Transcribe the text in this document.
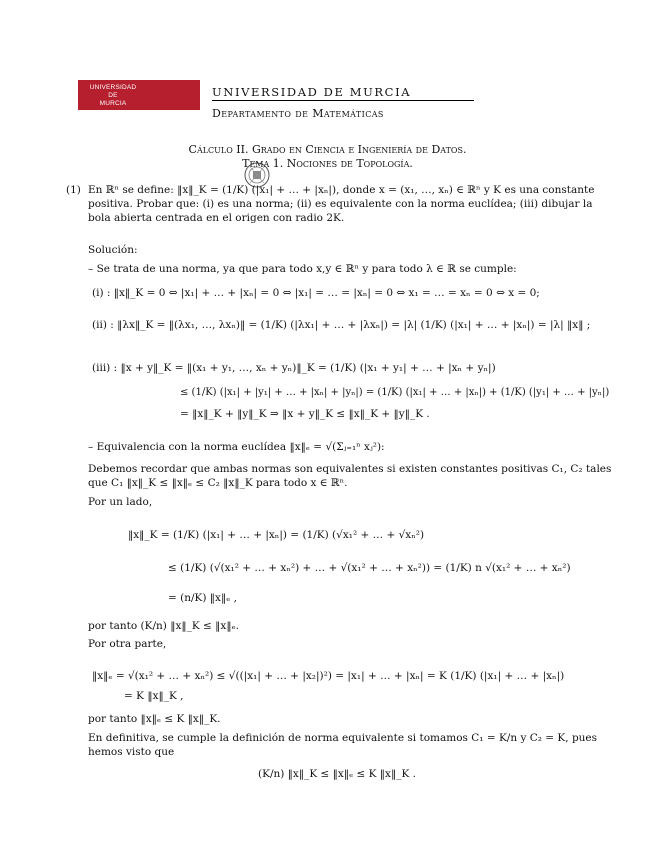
UNIVERSIDAD DE
MURCIA
UNIVERSIDAD DE MURCIA
Departamento de Matemáticas
Cálculo II. Grado en Ciencia e Ingeniería de Datos.
Tema 1. Nociones de Topología.
(1) En ℝⁿ se define: ‖x‖_K = (1/K) (|x₁| + … + |xₙ|), donde x = (x₁, …, xₙ) ∈ ℝⁿ y K es una constante
positiva. Probar que: (i) es una norma; (ii) es equivalente con la norma euclídea; (iii) dibujar la
bola abierta centrada en el origen con radio 2K.
Solución:
– Se trata de una norma, ya que para todo x,y ∈ ℝⁿ y para todo λ ∈ ℝ se cumple:
(i) : ‖x‖_K = 0 ⇔ |x₁| + … + |xₙ| = 0 ⇔ |x₁| = … = |xₙ| = 0 ⇔ x₁ = … = xₙ = 0 ⇔ x = 0;
(ii) : ‖λx‖_K = ‖(λx₁, …, λxₙ)‖ = (1/K) (|λx₁| + … + |λxₙ|) = |λ| (1/K) (|x₁| + … + |xₙ|) = |λ| ‖x‖ ;
(iii) : ‖x + y‖_K = ‖(x₁ + y₁, …, xₙ + yₙ)‖_K = (1/K) (|x₁ + y₁| + … + |xₙ + yₙ|)
≤ (1/K) (|x₁| + |y₁| + … + |xₙ| + |yₙ|) = (1/K) (|x₁| + … + |xₙ|) + (1/K) (|y₁| + … + |yₙ|)
= ‖x‖_K + ‖y‖_K ⇒ ‖x + y‖_K ≤ ‖x‖_K + ‖y‖_K .
– Equivalencia con la norma euclídea ‖x‖ₑ = √(Σⱼ₌₁ⁿ xⱼ²):
Debemos recordar que ambas normas son equivalentes si existen constantes positivas C₁, C₂ tales
que C₁ ‖x‖_K ≤ ‖x‖ₑ ≤ C₂ ‖x‖_K para todo x ∈ ℝⁿ.
Por un lado,
‖x‖_K = (1/K) (|x₁| + … + |xₙ|) = (1/K) (√x₁² + … + √xₙ²)
≤ (1/K) (√(x₁² + … + xₙ²) + … + √(x₁² + … + xₙ²)) = (1/K) n √(x₁² + … + xₙ²)
= (n/K) ‖x‖ₑ ,
por tanto (K/n) ‖x‖_K ≤ ‖x‖ₑ.
Por otra parte,
‖x‖ₑ = √(x₁² + … + xₙ²) ≤ √((|x₁| + … + |x₂|)²) = |x₁| + … + |xₙ| = K (1/K) (|x₁| + … + |xₙ|)
= K ‖x‖_K ,
por tanto ‖x‖ₑ ≤ K ‖x‖_K.
En definitiva, se cumple la definición de norma equivalente si tomamos C₁ = K/n y C₂ = K, pues
hemos visto que
(K/n) ‖x‖_K ≤ ‖x‖ₑ ≤ K ‖x‖_K .
